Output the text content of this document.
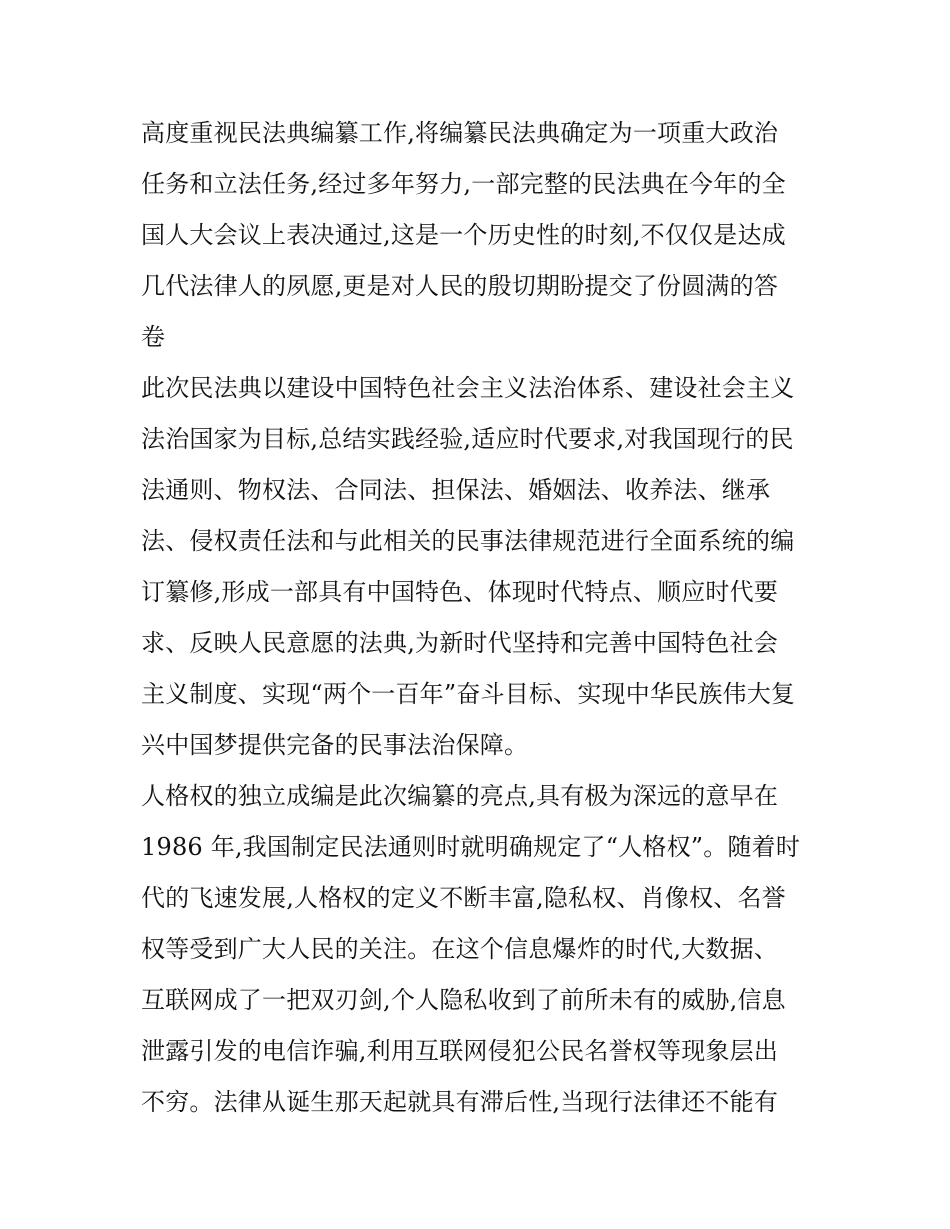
高度重视民法典编纂工作,将编纂民法典确定为一项重大政治
任务和立法任务,经过多年努力,一部完整的民法典在今年的全
国人大会议上表决通过,这是一个历史性的时刻,不仅仅是达成
几代法律人的夙愿,更是对人民的殷切期盼提交了份圆满的答
卷
此次民法典以建设中国特色社会主义法治体系、建设社会主义
法治国家为目标,总结实践经验,适应时代要求,对我国现行的民
法通则、物权法、合同法、担保法、婚姻法、收养法、继承
法、侵权责任法和与此相关的民事法律规范进行全面系统的编
订纂修,形成一部具有中国特色、体现时代特点、顺应时代要
求、反映人民意愿的法典,为新时代坚持和完善中国特色社会
主义制度、实现“两个一百年”奋斗目标、实现中华民族伟大复
兴中国梦提供完备的民事法治保障。
人格权的独立成编是此次编纂的亮点,具有极为深远的意早在
1986 年,我国制定民法通则时就明确规定了“人格权”。随着时
代的飞速发展,人格权的定义不断丰富,隐私权、肖像权、名誉
权等受到广大人民的关注。在这个信息爆炸的时代,大数据、
互联网成了一把双刃剑,个人隐私收到了前所未有的威胁,信息
泄露引发的电信诈骗,利用互联网侵犯公民名誉权等现象层出
不穷。法律从诞生那天起就具有滞后性,当现行法律还不能有
